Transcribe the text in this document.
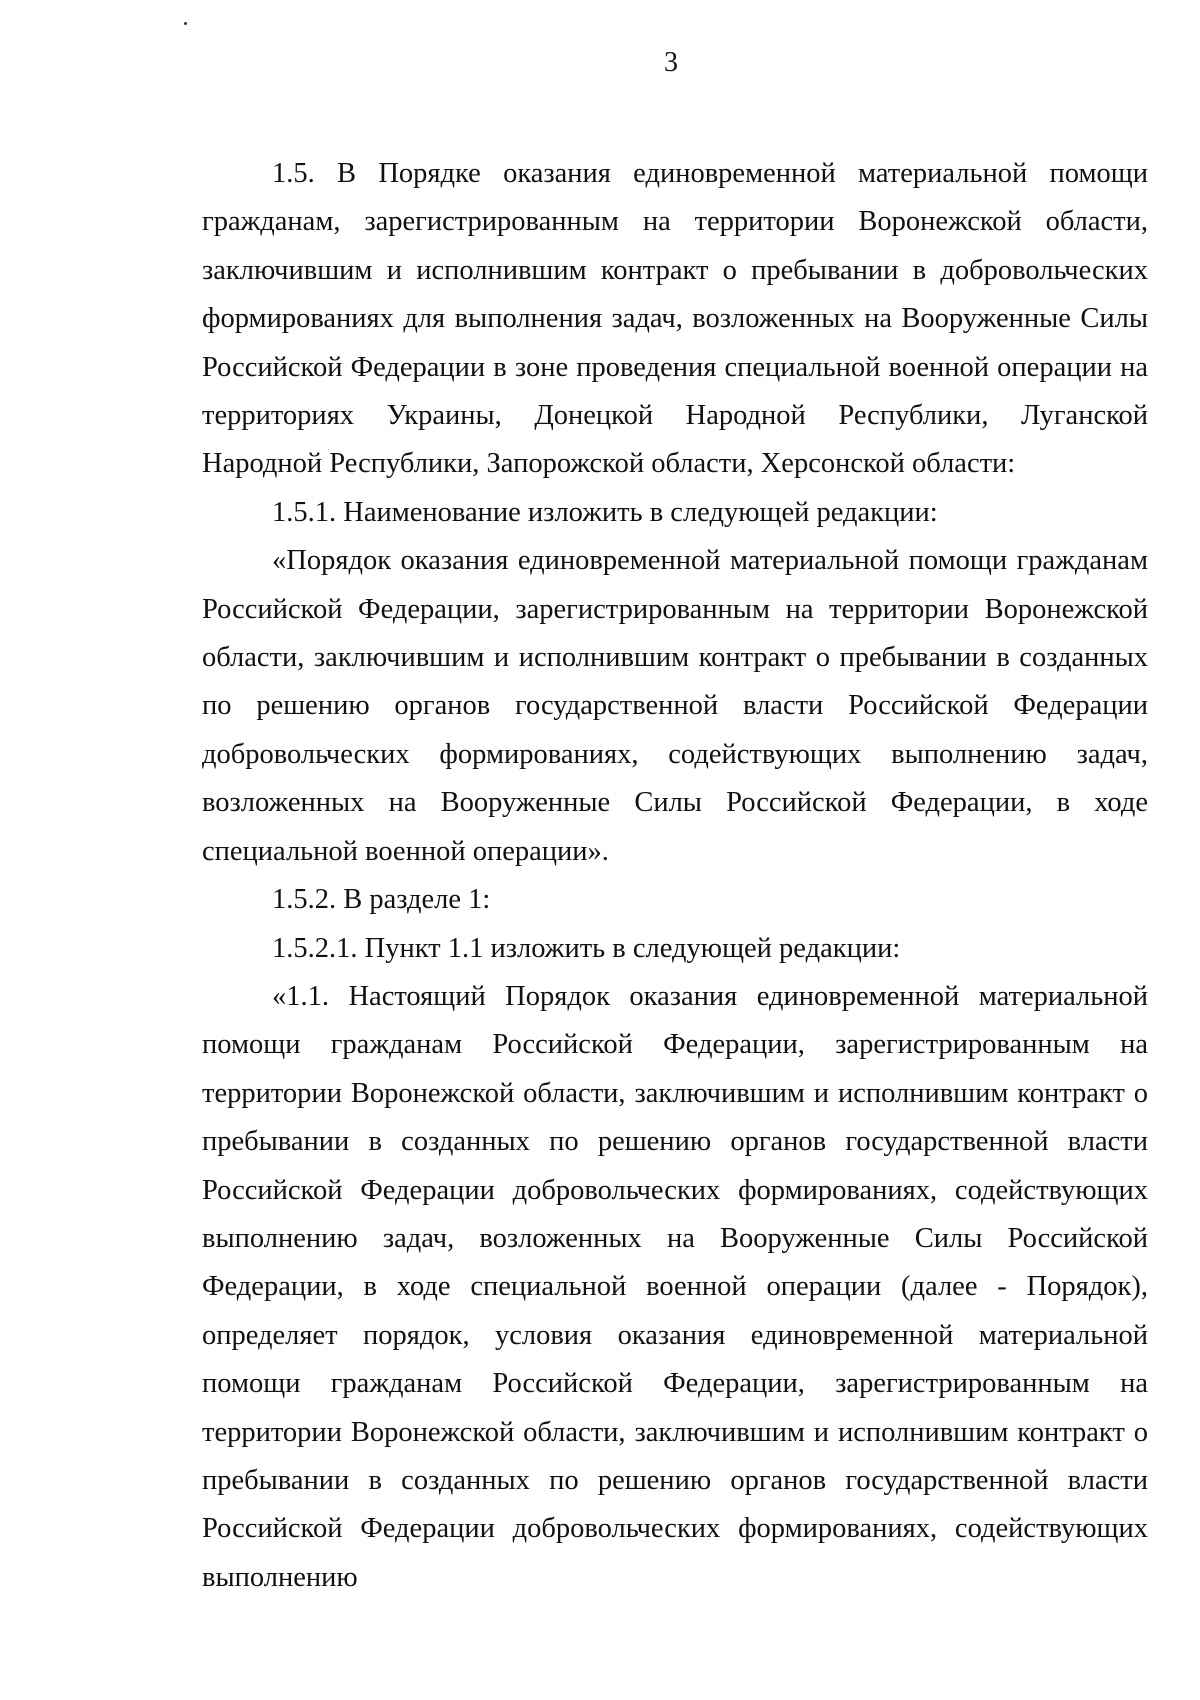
3

1.5. В Порядке оказания единовременной материальной помощи гражданам, зарегистрированным на территории Воронежской области, заключившим и исполнившим контракт о пребывании в добровольческих формированиях для выполнения задач, возложенных на Вооруженные Силы Российской Федерации в зоне проведения специальной военной операции на территориях Украины, Донецкой Народной Республики, Луганской Народной Республики, Запорожской области, Херсонской области:

1.5.1. Наименование изложить в следующей редакции:

«Порядок оказания единовременной материальной помощи гражданам Российской Федерации, зарегистрированным на территории Воронежской области, заключившим и исполнившим контракт о пребывании в созданных по решению органов государственной власти Российской Федерации добровольческих формированиях, содействующих выполнению задач, возложенных на Вооруженные Силы Российской Федерации, в ходе специальной военной операции».

1.5.2. В разделе 1:

1.5.2.1. Пункт 1.1 изложить в следующей редакции:

«1.1. Настоящий Порядок оказания единовременной материальной помощи гражданам Российской Федерации, зарегистрированным на территории Воронежской области, заключившим и исполнившим контракт о пребывании в созданных по решению органов государственной власти Российской Федерации добровольческих формированиях, содействующих выполнению задач, возложенных на Вооруженные Силы Российской Федерации, в ходе специальной военной операции (далее - Порядок), определяет порядок, условия оказания единовременной материальной помощи гражданам Российской Федерации, зарегистрированным на территории Воронежской области, заключившим и исполнившим контракт о пребывании в созданных по решению органов государственной власти Российской Федерации добровольческих формированиях, содействующих выполнению
